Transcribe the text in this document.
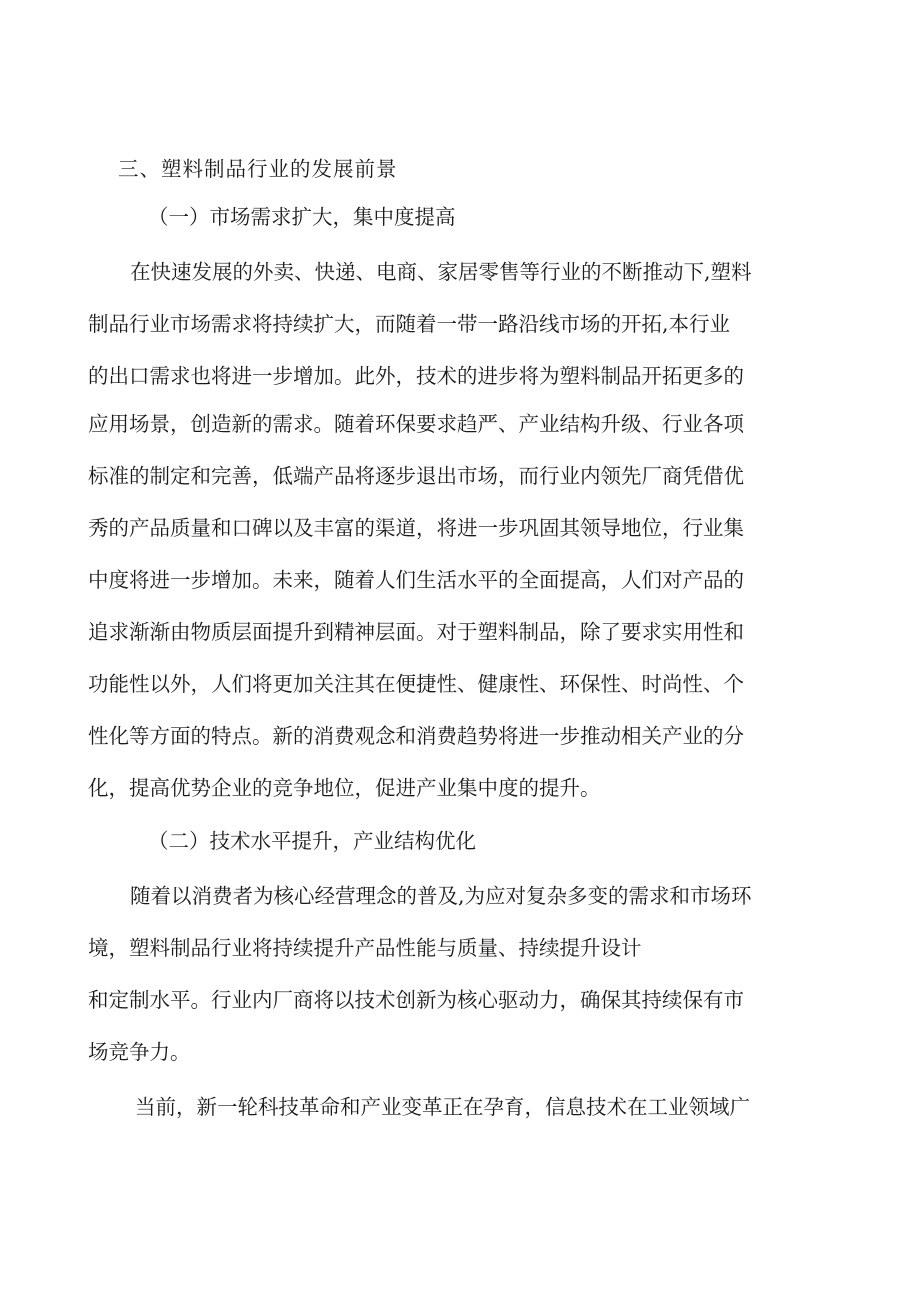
三、塑料制品行业的发展前景

（一）市场需求扩大，集中度提高

在快速发展的外卖、快递、电商、家居零售等行业的不断推动下,塑料

制品行业市场需求将持续扩大，而随着一带一路沿线市场的开拓,本行业

的出口需求也将进一步增加。此外，技术的进步将为塑料制品开拓更多的

应用场景，创造新的需求。随着环保要求趋严、产业结构升级、行业各项

标准的制定和完善，低端产品将逐步退出市场，而行业内领先厂商凭借优

秀的产品质量和口碑以及丰富的渠道，将进一步巩固其领导地位，行业集

中度将进一步增加。未来，随着人们生活水平的全面提高，人们对产品的

追求渐渐由物质层面提升到精神层面。对于塑料制品，除了要求实用性和

功能性以外，人们将更加关注其在便捷性、健康性、环保性、时尚性、个

性化等方面的特点。新的消费观念和消费趋势将进一步推动相关产业的分

化，提高优势企业的竞争地位，促进产业集中度的提升。

（二）技术水平提升，产业结构优化

随着以消费者为核心经营理念的普及,为应对复杂多变的需求和市场环

境，塑料制品行业将持续提升产品性能与质量、持续提升设计

和定制水平。行业内厂商将以技术创新为核心驱动力，确保其持续保有市

场竞争力。

当前，新一轮科技革命和产业变革正在孕育，信息技术在工业领域广
